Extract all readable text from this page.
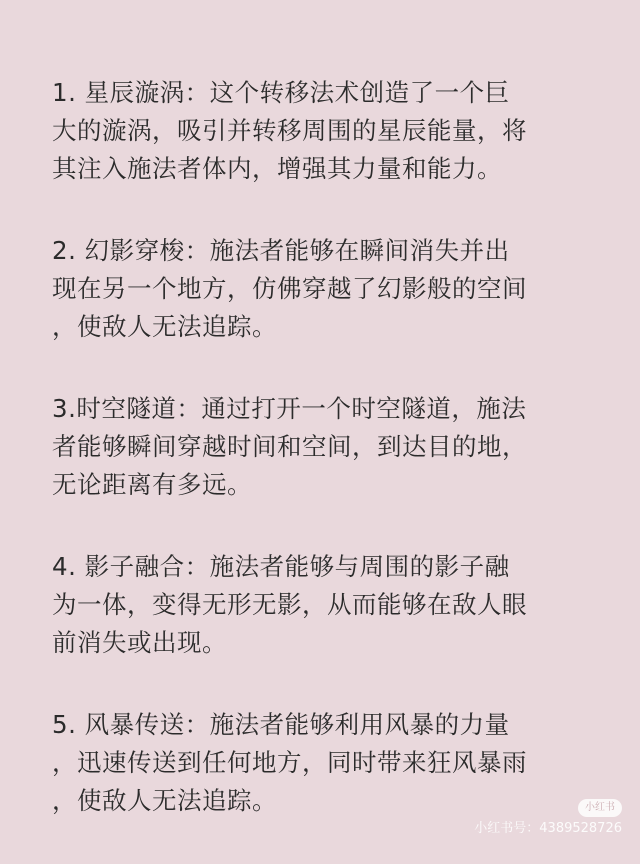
1. 星辰漩涡：这个转移法术创造了一个巨
大的漩涡，吸引并转移周围的星辰能量，将
其注入施法者体内，增强其力量和能力。
2. 幻影穿梭：施法者能够在瞬间消失并出
现在另一个地方，仿佛穿越了幻影般的空间
，使敌人无法追踪。
3.时空隧道：通过打开一个时空隧道，施法
者能够瞬间穿越时间和空间，到达目的地，
无论距离有多远。
4. 影子融合：施法者能够与周围的影子融
为一体，变得无形无影，从而能够在敌人眼
前消失或出现。
5. 风暴传送：施法者能够利用风暴的力量
，迅速传送到任何地方，同时带来狂风暴雨
，使敌人无法追踪。	小红书
小红书号：4389528726
